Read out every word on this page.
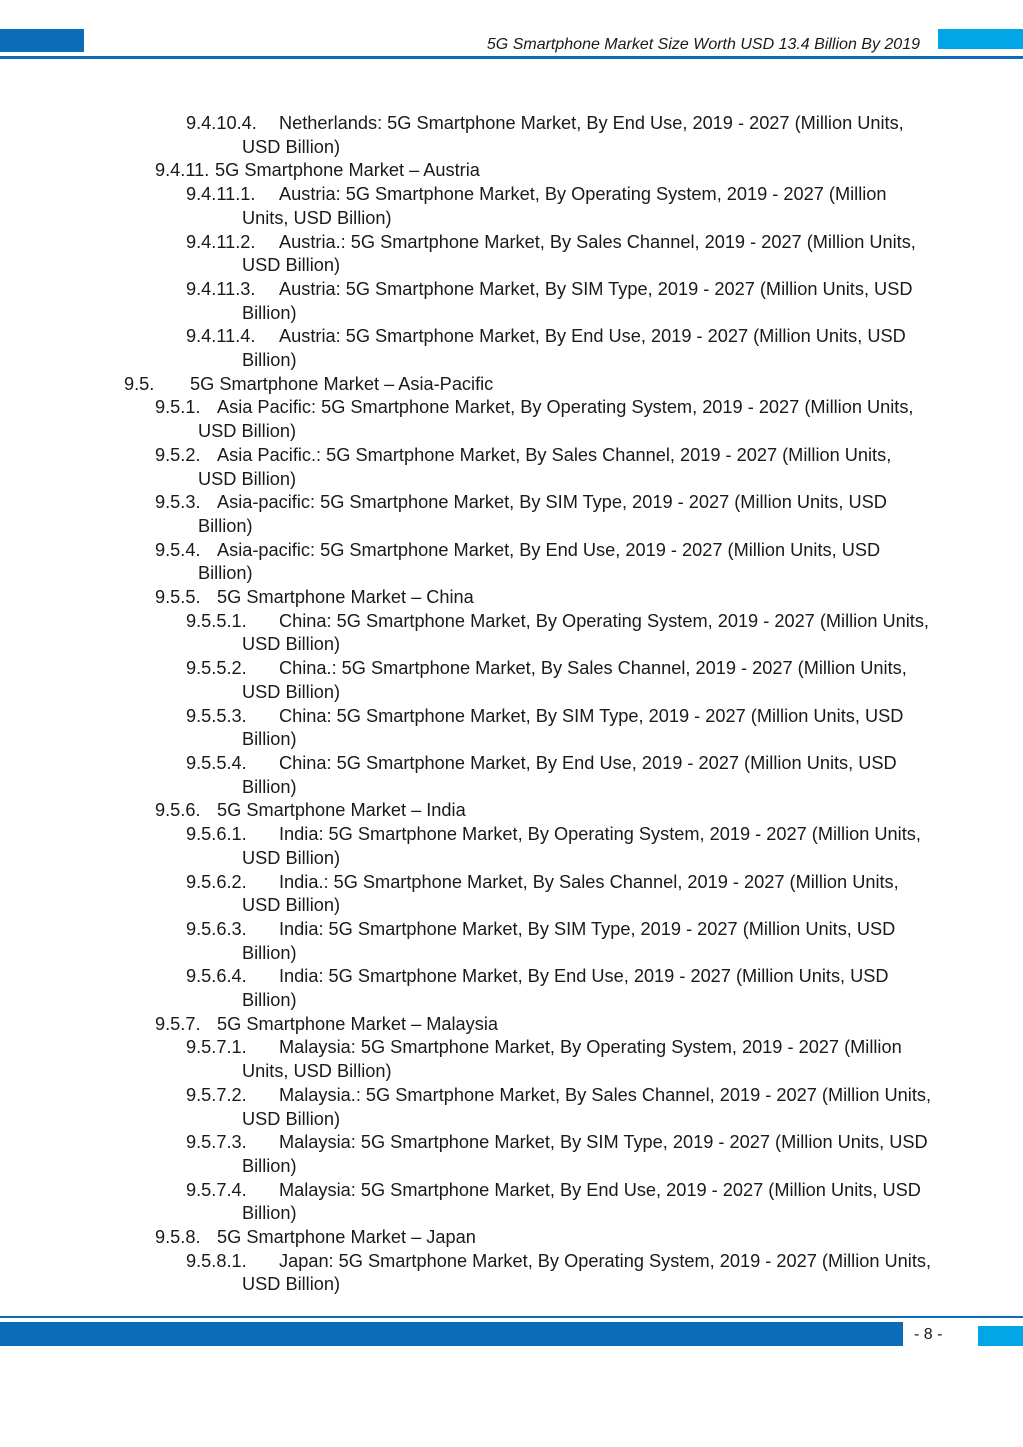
5G Smartphone Market Size Worth USD 13.4 Billion By 2019
9.4.10.4.	Netherlands: 5G Smartphone Market, By End Use, 2019 - 2027 (Million Units, USD Billion)
9.4.11. 5G Smartphone Market – Austria
9.4.11.1.	Austria: 5G Smartphone Market, By Operating System, 2019 - 2027 (Million Units, USD Billion)
9.4.11.2.	Austria.: 5G Smartphone Market, By Sales Channel, 2019 - 2027 (Million Units, USD Billion)
9.4.11.3.	Austria: 5G Smartphone Market, By SIM Type, 2019 - 2027 (Million Units, USD Billion)
9.4.11.4.	Austria: 5G Smartphone Market, By End Use, 2019 - 2027 (Million Units, USD Billion)
9.5.	5G Smartphone Market – Asia-Pacific
9.5.1. Asia Pacific: 5G Smartphone Market, By Operating System, 2019 - 2027 (Million Units, USD Billion)
9.5.2. Asia Pacific.: 5G Smartphone Market, By Sales Channel, 2019 - 2027 (Million Units, USD Billion)
9.5.3. Asia-pacific: 5G Smartphone Market, By SIM Type, 2019 - 2027 (Million Units, USD Billion)
9.5.4. Asia-pacific: 5G Smartphone Market, By End Use, 2019 - 2027 (Million Units, USD Billion)
9.5.5. 5G Smartphone Market – China
9.5.5.1.	China: 5G Smartphone Market, By Operating System, 2019 - 2027 (Million Units, USD Billion)
9.5.5.2.	China.: 5G Smartphone Market, By Sales Channel, 2019 - 2027 (Million Units, USD Billion)
9.5.5.3.	China: 5G Smartphone Market, By SIM Type, 2019 - 2027 (Million Units, USD Billion)
9.5.5.4.	China: 5G Smartphone Market, By End Use, 2019 - 2027 (Million Units, USD Billion)
9.5.6. 5G Smartphone Market – India
9.5.6.1.	India: 5G Smartphone Market, By Operating System, 2019 - 2027 (Million Units, USD Billion)
9.5.6.2.	India.: 5G Smartphone Market, By Sales Channel, 2019 - 2027 (Million Units, USD Billion)
9.5.6.3.	India: 5G Smartphone Market, By SIM Type, 2019 - 2027 (Million Units, USD Billion)
9.5.6.4.	India: 5G Smartphone Market, By End Use, 2019 - 2027 (Million Units, USD Billion)
9.5.7. 5G Smartphone Market – Malaysia
9.5.7.1.	Malaysia: 5G Smartphone Market, By Operating System, 2019 - 2027 (Million Units, USD Billion)
9.5.7.2.	Malaysia.: 5G Smartphone Market, By Sales Channel, 2019 - 2027 (Million Units, USD Billion)
9.5.7.3.	Malaysia: 5G Smartphone Market, By SIM Type, 2019 - 2027 (Million Units, USD Billion)
9.5.7.4.	Malaysia: 5G Smartphone Market, By End Use, 2019 - 2027 (Million Units, USD Billion)
9.5.8. 5G Smartphone Market – Japan
9.5.8.1.	Japan: 5G Smartphone Market, By Operating System, 2019 - 2027 (Million Units, USD Billion)
- 8 -
